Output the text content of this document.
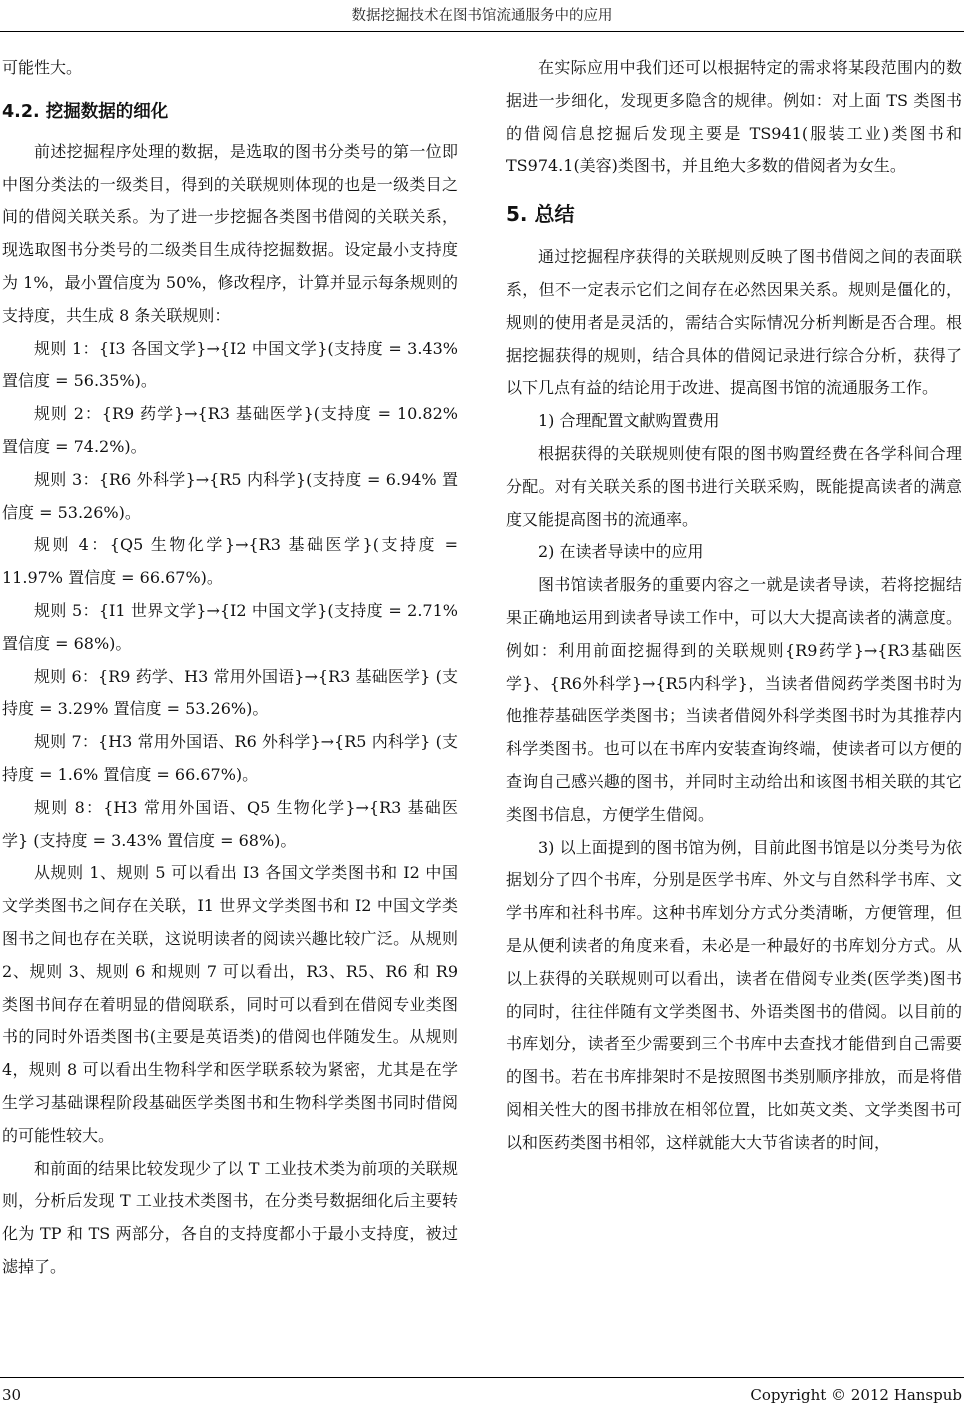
数据挖掘技术在图书馆流通服务中的应用

可能性大。

4.2. 挖掘数据的细化

前述挖掘程序处理的数据，是选取的图书分类号的第一位即中图分类法的一级类目，得到的关联规则体现的也是一级类目之间的借阅关联关系。为了进一步挖掘各类图书借阅的关联关系，现选取图书分类号的二级类目生成待挖掘数据。设定最小支持度为 1%，最小置信度为 50%，修改程序，计算并显示每条规则的支持度，共生成 8 条关联规则：

规则 1：{I3 各国文学}→{I2 中国文学}(支持度 = 3.43% 置信度 = 56.35%)。

规则 2：{R9 药学}→{R3 基础医学}(支持度 = 10.82% 置信度 = 74.2%)。

规则 3：{R6 外科学}→{R5 内科学}(支持度 = 6.94% 置信度 = 53.26%)。

规则 4：{Q5 生物化学}→{R3 基础医学}(支持度 = 11.97% 置信度 = 66.67%)。

规则 5：{I1 世界文学}→{I2 中国文学}(支持度 = 2.71% 置信度 = 68%)。

规则 6：{R9 药学、H3 常用外国语}→{R3 基础医学} (支持度 = 3.29% 置信度 = 53.26%)。

规则 7：{H3 常用外国语、R6 外科学}→{R5 内科学} (支持度 = 1.6% 置信度 = 66.67%)。

规则 8：{H3 常用外国语、Q5 生物化学}→{R3 基础医学} (支持度 = 3.43% 置信度 = 68%)。

从规则 1、规则 5 可以看出 I3 各国文学类图书和 I2 中国文学类图书之间存在关联，I1 世界文学类图书和 I2 中国文学类图书之间也存在关联，这说明读者的阅读兴趣比较广泛。从规则 2、规则 3、规则 6 和规则 7 可以看出，R3、R5、R6 和 R9 类图书间存在着明显的借阅联系，同时可以看到在借阅专业类图书的同时外语类图书(主要是英语类)的借阅也伴随发生。从规则 4，规则 8 可以看出生物科学和医学联系较为紧密，尤其是在学生学习基础课程阶段基础医学类图书和生物科学类图书同时借阅的可能性较大。

和前面的结果比较发现少了以 T 工业技术类为前项的关联规则，分析后发现 T 工业技术类图书，在分类号数据细化后主要转化为 TP 和 TS 两部分，各自的支持度都小于最小支持度，被过滤掉了。

在实际应用中我们还可以根据特定的需求将某段范围内的数据进一步细化，发现更多隐含的规律。例如：对上面 TS 类图书的借阅信息挖掘后发现主要是 TS941(服装工业)类图书和 TS974.1(美容)类图书，并且绝大多数的借阅者为女生。

5. 总结

通过挖掘程序获得的关联规则反映了图书借阅之间的表面联系，但不一定表示它们之间存在必然因果关系。规则是僵化的，规则的使用者是灵活的，需结合实际情况分析判断是否合理。根据挖掘获得的规则，结合具体的借阅记录进行综合分析，获得了以下几点有益的结论用于改进、提高图书馆的流通服务工作。

1) 合理配置文献购置费用

根据获得的关联规则使有限的图书购置经费在各学科间合理分配。对有关联关系的图书进行关联采购，既能提高读者的满意度又能提高图书的流通率。

2) 在读者导读中的应用

图书馆读者服务的重要内容之一就是读者导读，若将挖掘结果正确地运用到读者导读工作中，可以大大提高读者的满意度。例如：利用前面挖掘得到的关联规则{R9药学}→{R3基础医学}、{R6外科学}→{R5内科学}，当读者借阅药学类图书时为他推荐基础医学类图书；当读者借阅外科学类图书时为其推荐内科学类图书。也可以在书库内安装查询终端，使读者可以方便的查询自己感兴趣的图书，并同时主动给出和该图书相关联的其它类图书信息，方便学生借阅。

3) 以上面提到的图书馆为例，目前此图书馆是以分类号为依据划分了四个书库，分别是医学书库、外文与自然科学书库、文学书库和社科书库。这种书库划分方式分类清晰，方便管理，但是从便利读者的角度来看，未必是一种最好的书库划分方式。从以上获得的关联规则可以看出，读者在借阅专业类(医学类)图书的同时，往往伴随有文学类图书、外语类图书的借阅。以目前的书库划分，读者至少需要到三个书库中去查找才能借到自己需要的图书。若在书库排架时不是按照图书类别顺序排放，而是将借阅相关性大的图书排放在相邻位置，比如英文类、文学类图书可以和医药类图书相邻，这样就能大大节省读者的时间，

30	Copyright © 2012 Hanspub
